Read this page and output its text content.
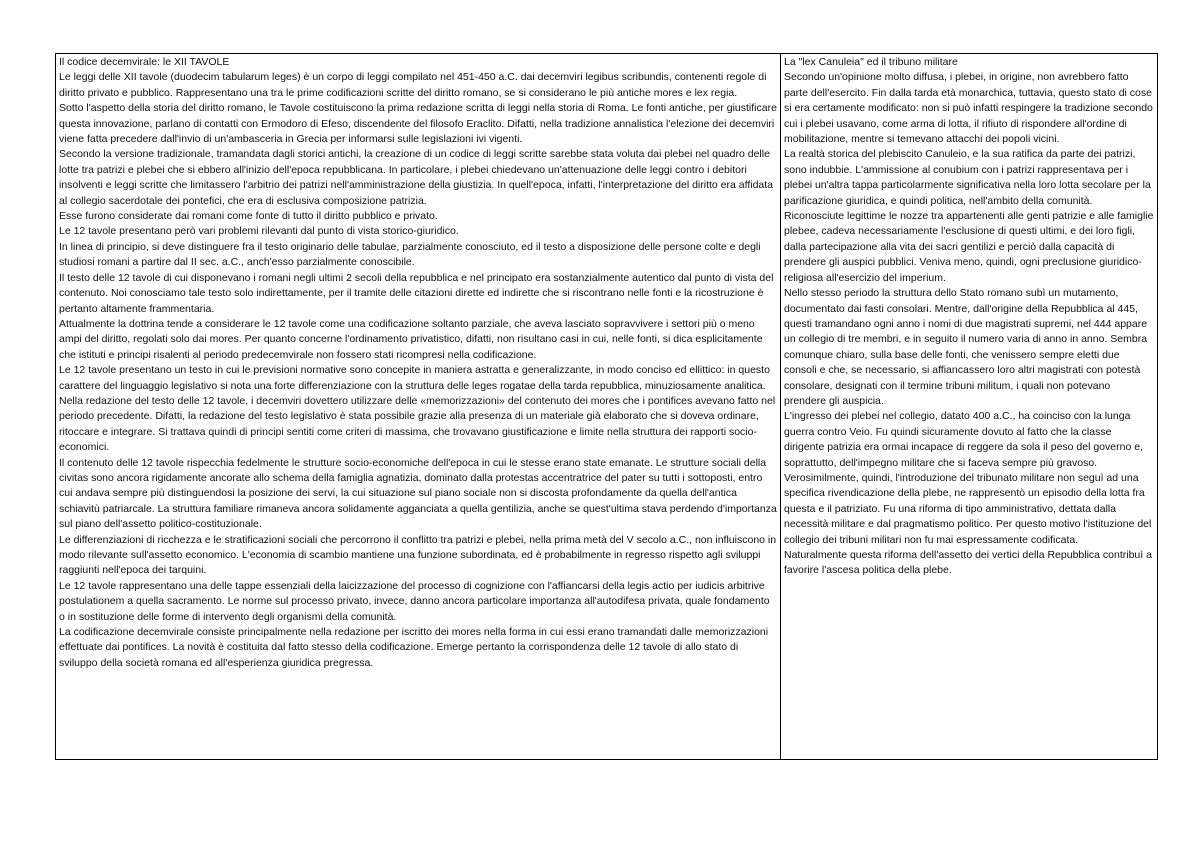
Il codice decemvirale: le XII TAVOLE

Le leggi delle XII tavole (duodecim tabularum leges) è un corpo di leggi compilato nel 451-450 a.C. dai decemviri legibus scribundis, contenenti regole di diritto privato e pubblico. Rappresentano una tra le prime codificazioni scritte del diritto romano, se si considerano le più antiche mores e lex regia.

Sotto l'aspetto della storia del diritto romano, le Tavole costituiscono la prima redazione scritta di leggi nella storia di Roma. Le fonti antiche, per giustificare questa innovazione, parlano di contatti con Ermodoro di Efeso, discendente del filosofo Eraclito. Difatti, nella tradizione annalistica l'elezione dei decemviri viene fatta precedere dall'invio di un'ambasceria in Grecia per informarsi sulle legislazioni ivi vigenti.

Secondo la versione tradizionale, tramandata dagli storici antichi, la creazione di un codice di leggi scritte sarebbe stata voluta dai plebei nel quadro delle lotte tra patrizi e plebei che si ebbero all'inizio dell'epoca repubblicana. In particolare, i plebei chiedevano un'attenuazione delle leggi contro i debitori insolventi e leggi scritte che limitassero l'arbitrio dei patrizi nell'amministrazione della giustizia. In quell'epoca, infatti, l'interpretazione del diritto era affidata al collegio sacerdotale dei pontefici, che era di esclusiva composizione patrizia.

Esse furono considerate dai romani come fonte di tutto il diritto pubblico e privato.

Le 12 tavole presentano però vari problemi rilevanti dal punto di vista storico-giuridico.

In linea di principio, si deve distinguere fra il testo originario delle tabulae, parzialmente conosciuto, ed il testo a disposizione delle persone colte e degli studiosi romani a partire dal II sec. a.C., anch'esso parzialmente conoscibile.

Il testo delle 12 tavole di cui disponevano i romani negli ultimi 2 secoli della repubblica e nel principato era sostanzialmente autentico dal punto di vista del contenuto. Noi conosciamo tale testo solo indirettamente, per il tramite delle citazioni dirette ed indirette che si riscontrano nelle fonti e la ricostruzione è pertanto altamente frammentaria.

Attualmente la dottrina tende a considerare le 12 tavole come una codificazione soltanto parziale, che aveva lasciato sopravvivere i settori più o meno ampi del diritto, regolati solo dai mores. Per quanto concerne l'ordinamento privatistico, difatti, non risultano casi in cui, nelle fonti, si dica esplicitamente che istituti e principi risalenti al periodo predecemvirale non fossero stati ricompresi nella codificazione.

Le 12 tavole presentano un testo in cui le previsioni normative sono concepite in maniera astratta e generalizzante, in modo conciso ed ellittico: in questo carattere del linguaggio legislativo si nota una forte differenziazione con la struttura delle leges rogatae della tarda repubblica, minuziosamente analitica.

Nella redazione del testo delle 12 tavole, i decemviri dovettero utilizzare delle «memorizzazioni» del contenuto dei mores che i pontifices avevano fatto nel periodo precedente. Difatti, la redazione del testo legislativo è stata possibile grazie alla presenza di un materiale già elaborato che si doveva ordinare, ritoccare e integrare. Si trattava quindi di principi sentiti come criteri di massima, che trovavano giustificazione e limite nella struttura dei rapporti socio-economici.

Il contenuto delle 12 tavole rispecchia fedelmente le strutture socio-economiche dell'epoca in cui le stesse erano state emanate. Le strutture sociali della civitas sono ancora rigidamente ancorate allo schema della famiglia agnatizia, dominato dalla protestas accentratrice del pater su tutti i sottoposti, entro cui andava sempre più distinguendosi la posizione dei servi, la cui situazione sul piano sociale non si discosta profondamente da quella dell'antica schiavitù patriarcale. La struttura familiare rimaneva ancora solidamente agganciata a quella gentilizia, anche se quest'ultima stava perdendo d'importanza sul piano dell'assetto politico-costituzionale.

Le differenziazioni di ricchezza e le stratificazioni sociali che percorrono il conflitto tra patrizi e plebei, nella prima metà del V secolo a.C., non influiscono in modo rilevante sull'assetto economico. L'economia di scambio mantiene una funzione subordinata, ed è probabilmente in regresso rispetto agli sviluppi raggiunti nell'epoca dei tarquini.

Le 12 tavole rappresentano una delle tappe essenziali della laicizzazione del processo di cognizione con l'affiancarsi della legis actio per iudicis arbitrive postulationem a quella sacramento. Le norme sul processo privato, invece, danno ancora particolare importanza all'autodifesa privata, quale fondamento o in sostituzione delle forme di intervento degli organismi della comunità.

La codificazione decemvirale consiste principalmente nella redazione per iscritto dei mores nella forma in cui essi erano tramandati dalle memorizzazioni effettuate dai pontifices. La novità è costituita dal fatto stesso della codificazione. Emerge pertanto la corrispondenza delle 12 tavole di allo stato di sviluppo della società romana ed all'esperienza giuridica pregressa.

La "lex Canuleia" ed il tribuno militare

Secondo un'opinione molto diffusa, i plebei, in origine, non avrebbero fatto parte dell'esercito. Fin dalla tarda età monarchica, tuttavia, questo stato di cose si era certamente modificato: non si può infatti respingere la tradizione secondo cui i plebei usavano, come arma di lotta, il rifiuto di rispondere all'ordine di mobilitazione, mentre si temevano attacchi dei popoli vicini.

La realtà storica del plebiscito Canuleio, e la sua ratifica da parte dei patrizi, sono indubbie. L'ammissione al conubium con i patrizi rappresentava per i plebei un'altra tappa particolarmente significativa nella loro lotta secolare per la parificazione giuridica, e quindi politica, nell'ambito della comunità. Riconosciute legittime le nozze tra appartenenti alle genti patrizie e alle famiglie plebee, cadeva necessariamente l'esclusione di questi ultimi, e dei loro figli, dalla partecipazione alla vita dei sacri gentilizi e perciò dalla capacità di prendere gli auspici pubblici. Veniva meno, quindi, ogni preclusione giuridico-religiosa all'esercizio del imperium.

Nello stesso periodo la struttura dello Stato romano subì un mutamento, documentato dai fasti consolari. Mentre, dall'origine della Repubblica al 445, questi tramandano ogni anno i nomi di due magistrati supremi, nel 444 appare un collegio di tre membri, e in seguito il numero varia di anno in anno. Sembra comunque chiaro, sulla base delle fonti, che venissero sempre eletti due consoli e che, se necessario, si affiancassero loro altri magistrati con potestà consolare, designati con il termine tribuni militum, i quali non potevano prendere gli auspicia.

L'ingresso dei plebei nel collegio, datato 400 a.C., ha coinciso con la lunga guerra contro Veio. Fu quindi sicuramente dovuto al fatto che la classe dirigente patrizia era ormai incapace di reggere da sola il peso del governo e, soprattutto, dell'impegno militare che si faceva sempre più gravoso.

Verosimilmente, quindi, l'introduzione del tribunato militare non seguì ad una specifica rivendicazione della plebe, ne rappresentò un episodio della lotta fra questa e il patriziato. Fu una riforma di tipo amministrativo, dettata dalla necessità militare e dal pragmatismo politico. Per questo motivo l'istituzione del collegio dei tribuni militari non fu mai espressamente codificata.

Naturalmente questa riforma dell'assetto dei vertici della Repubblica contribuì a favorire l'ascesa politica della plebe.
